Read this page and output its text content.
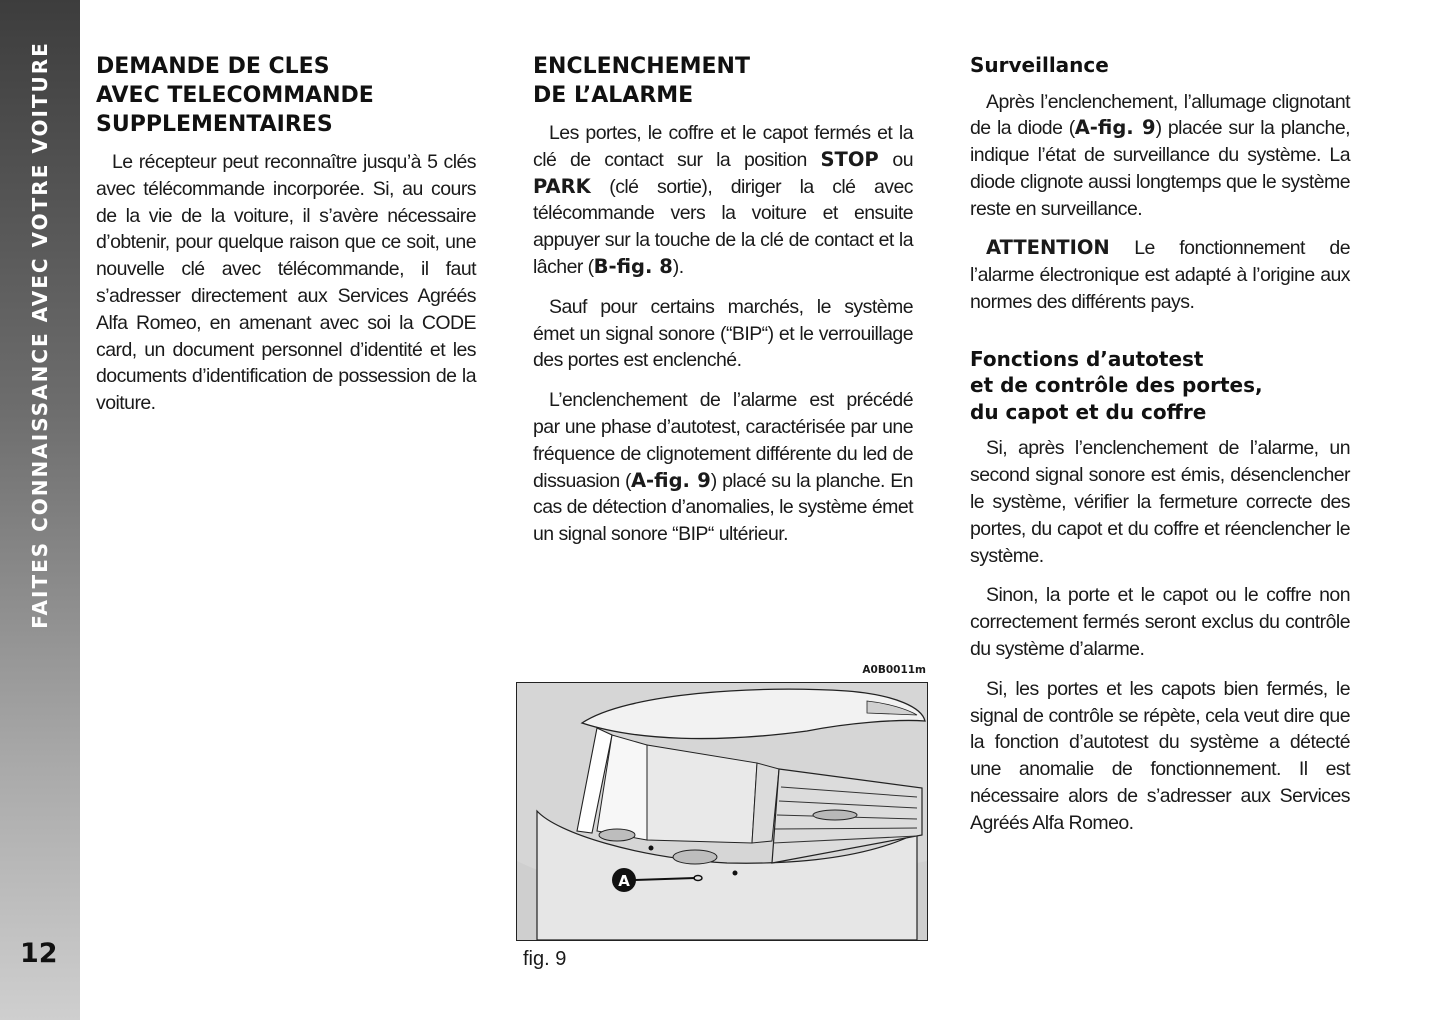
FAITES CONNAISSANCE AVEC VOTRE VOITURE
12
DEMANDE DE CLES
AVEC TELECOMMANDE
SUPPLEMENTAIRES

Le récepteur peut reconnaître jusqu’à 5 clés avec télécommande incorporée. Si, au cours de la vie de la voiture, il s’avère nécessaire d’obtenir, pour quelque raison que ce soit, une nouvelle clé avec télécommande, il faut s’adresser directement aux Services Agréés Alfa Romeo, en amenant avec soi la CODE card, un document personnel d’identité et les documents d’identification de possession de la voiture.

ENCLENCHEMENT
DE L’ALARME

Les portes, le coffre et le capot fermés et la clé de contact sur la position STOP ou PARK (clé sortie), diriger la clé avec télécommande vers la voiture et ensuite appuyer sur la touche de la clé de contact et la lâcher (B-fig. 8).

Sauf pour certains marchés, le système émet un signal sonore (“BIP“) et le verrouillage des portes est enclenché.

L’enclenchement de l’alarme est précédé par une phase d’autotest, caractérisée par une fréquence de clignotement différente du led de dissuasion (A-fig. 9) placé su la planche. En cas de détection d’anomalies, le système émet un signal sonore “BIP“ ultérieur.

A0B0011m
A
fig. 9
Surveillance

Après l’enclenchement, l’allumage clignotant de la diode (A-fig. 9) placée sur la planche, indique l’état de surveillance du système. La diode clignote aussi longtemps que le système reste en surveillance.

ATTENTION Le fonctionnement de l’alarme électronique est adapté à l’origine aux normes des différents pays.

Fonctions d’autotest
et de contrôle des portes,
du capot et du coffre

Si, après l’enclenchement de l’alarme, un second signal sonore est émis, désenclencher le système, vérifier la fermeture correcte des portes, du capot et du coffre et réenclencher le système.

Sinon, la porte et le capot ou le coffre non correctement fermés seront exclus du contrôle du système d’alarme.

Si, les portes et les capots bien fermés, le signal de contrôle se répète, cela veut dire que la fonction d’autotest du système a détecté une anomalie de fonctionnement. Il est nécessaire alors de s’adresser aux Services Agréés Alfa Romeo.
